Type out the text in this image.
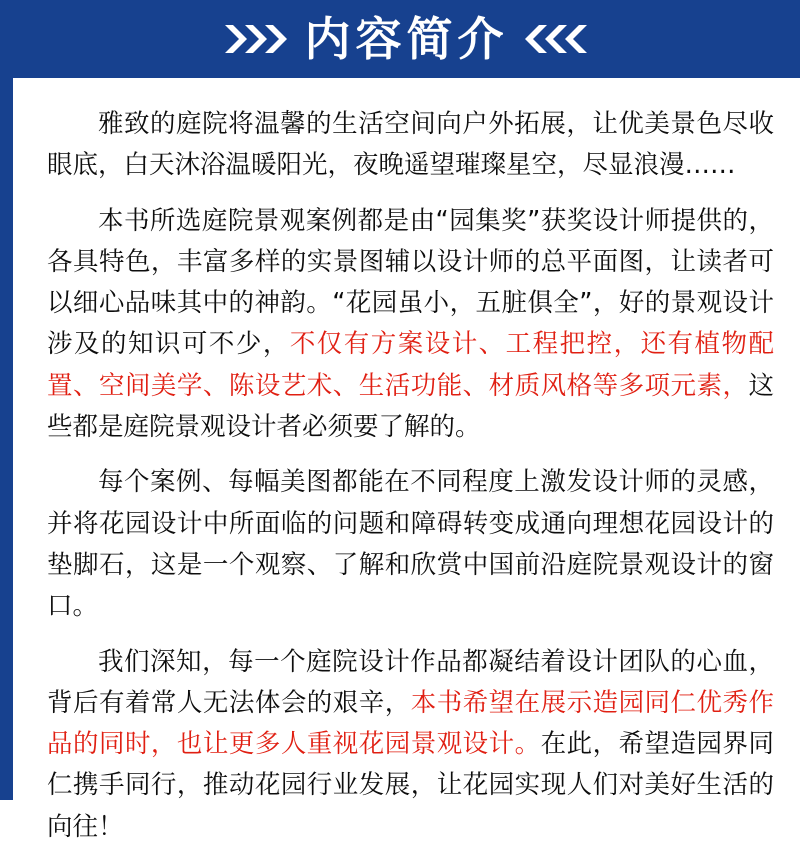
内容简介

雅致的庭院将温馨的生活空间向户外拓展，让优美景色尽收眼底，白天沐浴温暖阳光，夜晚遥望璀璨星空，尽显浪漫……

本书所选庭院景观案例都是由“园集奖”获奖设计师提供的，各具特色，丰富多样的实景图辅以设计师的总平面图，让读者可以细心品味其中的神韵。“花园虽小，五脏俱全”，好的景观设计涉及的知识可不少，不仅有方案设计、工程把控，还有植物配置、空间美学、陈设艺术、生活功能、材质风格等多项元素，这些都是庭院景观设计者必须要了解的。

每个案例、每幅美图都能在不同程度上激发设计师的灵感，并将花园设计中所面临的问题和障碍转变成通向理想花园设计的垫脚石，这是一个观察、了解和欣赏中国前沿庭院景观设计的窗口。

我们深知，每一个庭院设计作品都凝结着设计团队的心血，背后有着常人无法体会的艰辛，本书希望在展示造园同仁优秀作品的同时，也让更多人重视花园景观设计。在此，希望造园界同仁携手同行，推动花园行业发展，让花园实现人们对美好生活的向往！
